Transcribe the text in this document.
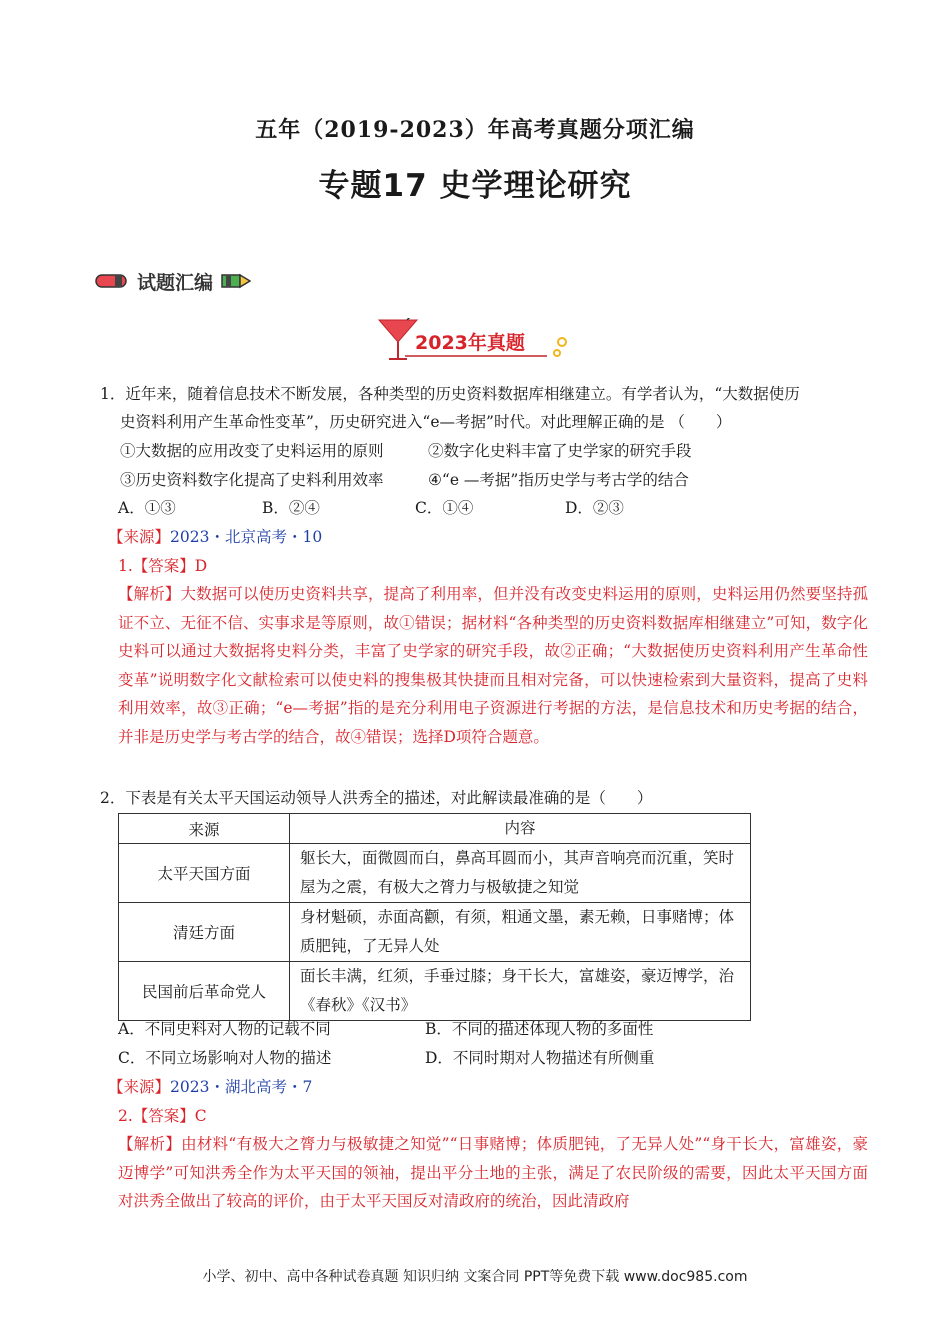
五年（2019-2023）年高考真题分项汇编
专题17 史学理论研究
试题汇编
2023年真题
1．近年来，随着信息技术不断发展，各种类型的历史资料数据库相继建立。有学者认为，“大数据使历
史资料利用产生革命性变革”，历史研究进入“e—考据”时代。对此理解正确的是 （　　）
①大数据的应用改变了史料运用的原则	②数字化史料丰富了史学家的研究手段
③历史资料数字化提高了史料利用效率	④“e —考据”指历史学与考古学的结合
A．①③	B．②④	C．①④	D．②③
【来源】2023・北京高考・10
1.【答案】D
【解析】大数据可以使历史资料共享，提高了利用率，但并没有改变史料运用的原则，史料运用仍然要坚持孤证不立、无征不信、实事求是等原则，故①错误；据材料“各种类型的历史资料数据库相继建立”可知，数字化史料可以通过大数据将史料分类，丰富了史学家的研究手段，故②正确；“大数据使历史资料利用产生革命性变革”说明数字化文献检索可以使史料的搜集极其快捷而且相对完备，可以快速检索到大量资料，提高了史料利用效率，故③正确；“e—考据”指的是充分利用电子资源进行考据的方法，是信息技术和历史考据的结合，并非是历史学与考古学的结合，故④错误；选择D项符合题意。
2．下表是有关太平天国运动领导人洪秀全的描述，对此解读最准确的是（　　）
来源	内容
太平天国方面	躯长大，面微圆而白，鼻高耳圆而小，其声音响亮而沉重，笑时屋为之震，有极大之膂力与极敏捷之知觉
清廷方面	身材魁硕，赤面高颧，有须，粗通文墨，素无赖，日事赌博；体质肥钝，了无异人处
民国前后革命党人	面长丰满，红须，手垂过膝；身干长大，富雄姿，豪迈博学，治《春秋》《汉书》
A．不同史料对人物的记载不同	B．不同的描述体现人物的多面性
C．不同立场影响对人物的描述	D．不同时期对人物描述有所侧重
【来源】2023・湖北高考・7
2.【答案】C
【解析】由材料“有极大之膂力与极敏捷之知觉”“日事赌博；体质肥钝，了无异人处”“身干长大，富雄姿，豪迈博学”可知洪秀全作为太平天国的领袖，提出平分土地的主张，满足了农民阶级的需要，因此太平天国方面对洪秀全做出了较高的评价，由于太平天国反对清政府的统治，因此清政府
小学、初中、高中各种试卷真题 知识归纳 文案合同 PPT等免费下载 www.doc985.com
